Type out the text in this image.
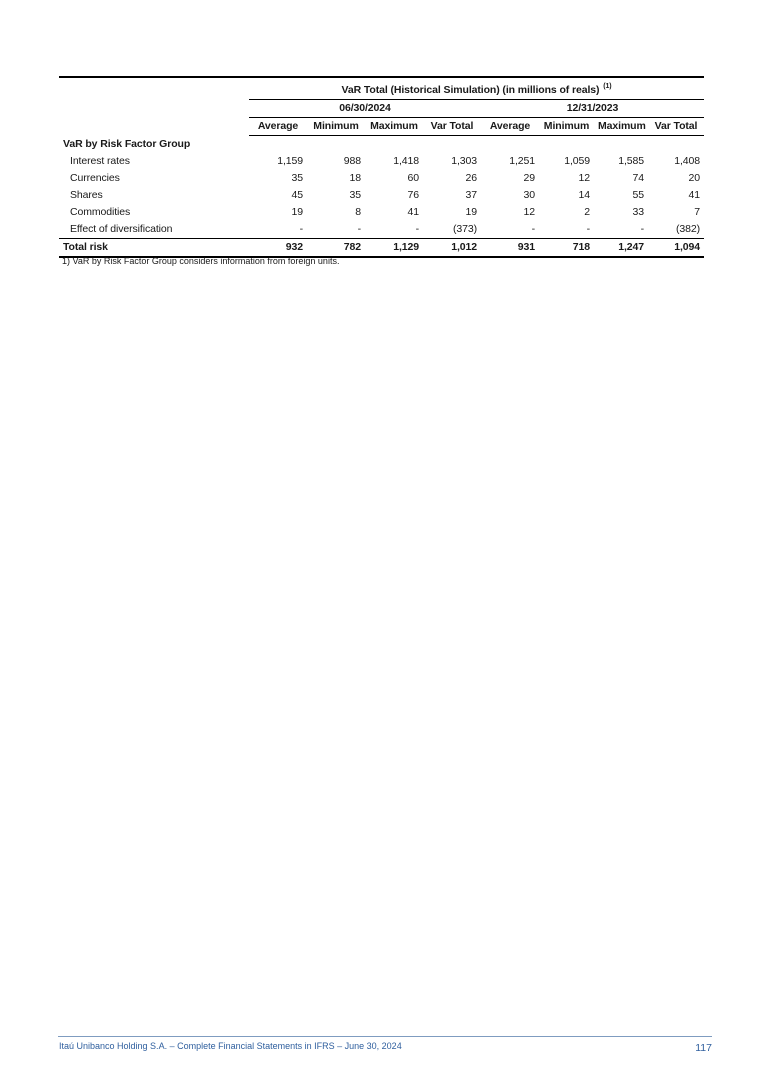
	VaR Total (Historical Simulation) (in millions of reals) $^{(1)}$
	06/30/2024				12/31/2023			
	Average	Minimum	Maximum	Var Total	Average	Minimum	Maximum	Var Total
VaR by Risk Factor Group								
Interest rates	1,159	988	1,418	1,303	1,251	1,059	1,585	1,408
Currencies	35	18	60	26	29	12	74	20
Shares	45	35	76	37	30	14	55	41
Commodities	19	8	41	19	12	2	33	7
Effect of diversification	-	-	-	(373)	-	-	-	(382)
Total risk	932	782	1,129	1,012	931	718	1,247	1,094
1) VaR by Risk Factor Group considers information from foreign units.
Itaú Unibanco Holding S.A. – Complete Financial Statements in IFRS – June 30, 2024	117
